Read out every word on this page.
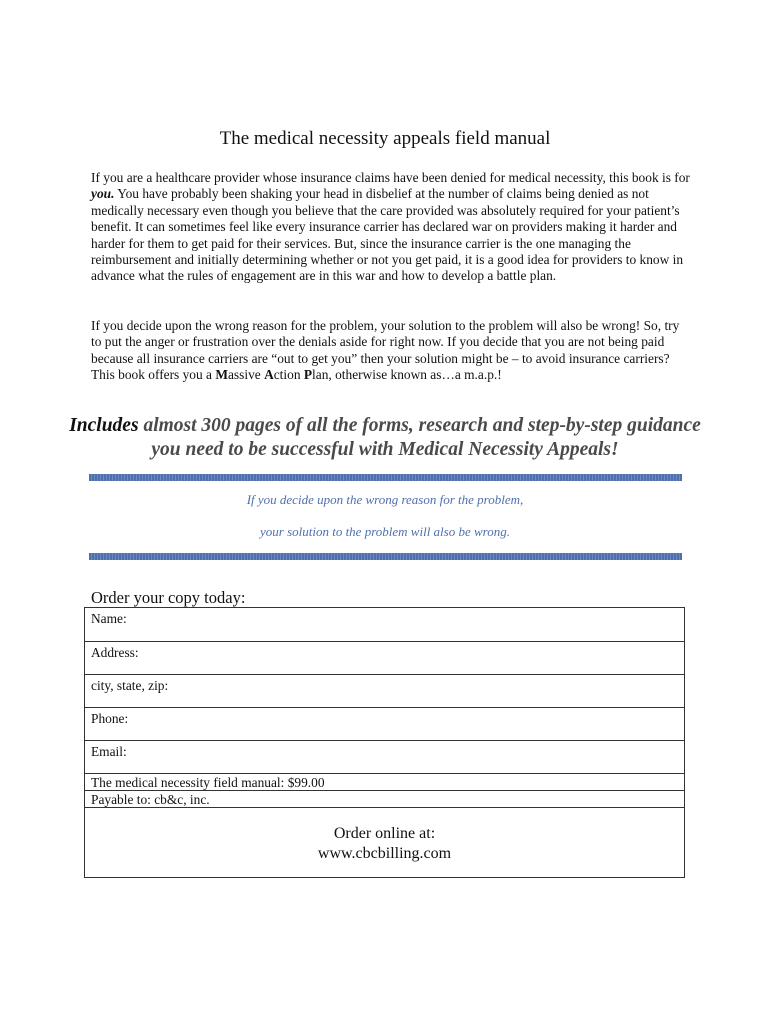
The medical necessity appeals field manual

If you are a healthcare provider whose insurance claims have been denied for medical necessity, this book is for you. You have probably been shaking your head in disbelief at the number of claims being denied as not medically necessary even though you believe that the care provided was absolutely required for your patient’s benefit. It can sometimes feel like every insurance carrier has declared war on providers making it harder and harder for them to get paid for their services. But, since the insurance carrier is the one managing the reimbursement and initially determining whether or not you get paid, it is a good idea for providers to know in advance what the rules of engagement are in this war and how to develop a battle plan.

If you decide upon the wrong reason for the problem, your solution to the problem will also be wrong! So, try to put the anger or frustration over the denials aside for right now. If you decide that you are not being paid because all insurance carriers are “out to get you” then your solution might be – to avoid insurance carriers? This book offers you a Massive Action Plan, otherwise known as…a m.a.p.!

Includes almost 300 pages of all the forms, research and step-by-step guidance you need to be successful with Medical Necessity Appeals!
If you decide upon the wrong reason for the problem,
your solution to the problem will also be wrong.
Order your copy today:
Name:
Address:
city, state, zip:
Phone:
Email:
The medical necessity field manual: $99.00
Payable to: cb&c, inc.
Order online at:
www.cbcbilling.com
